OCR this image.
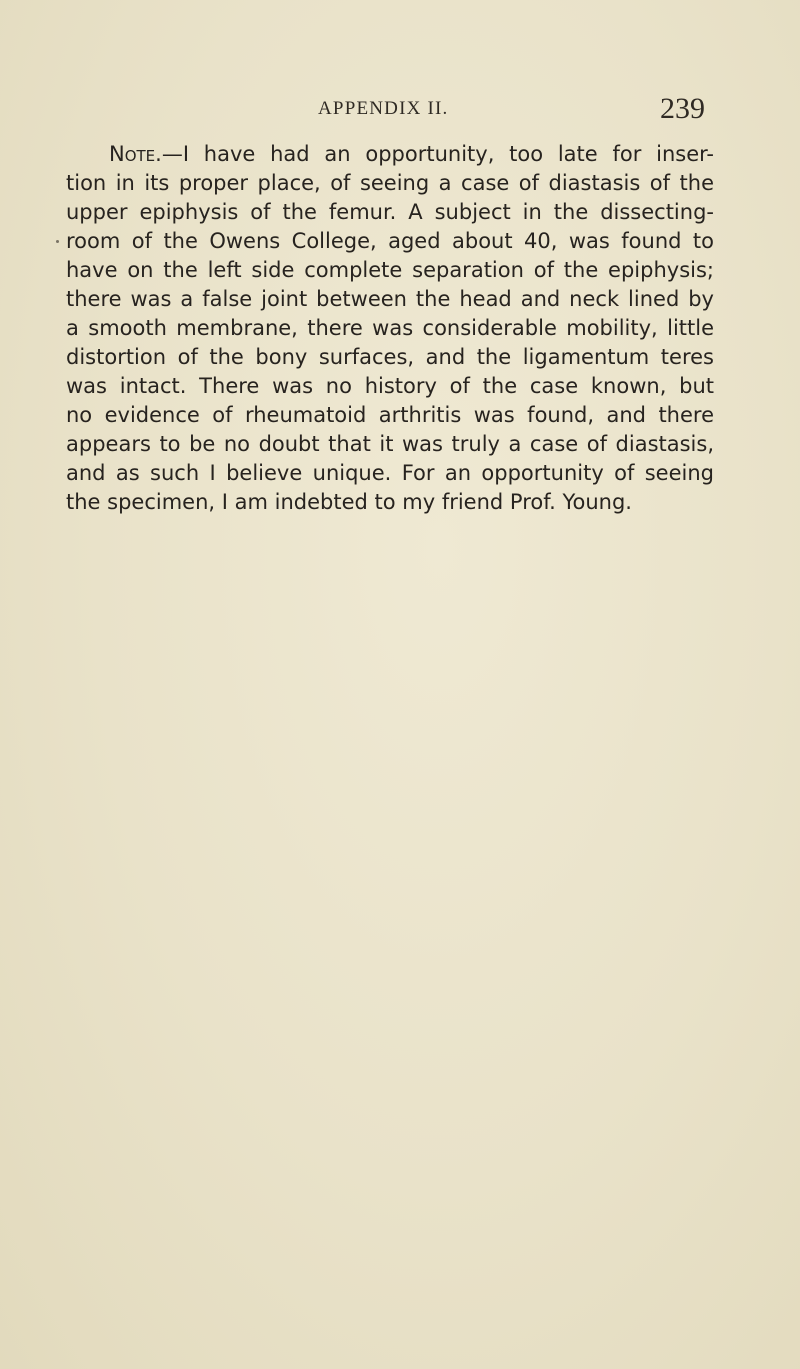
APPENDIX II.	239
Note.—I have had an opportunity, too late for inser-
tion in its proper place, of seeing a case of diastasis of the
upper epiphysis of the femur. A subject in the dissecting-
room of the Owens College, aged about 40, was found to
have on the left side complete separation of the epiphysis;
there was a false joint between the head and neck lined by
a smooth membrane, there was considerable mobility, little
distortion of the bony surfaces, and the ligamentum teres
was intact. There was no history of the case known, but
no evidence of rheumatoid arthritis was found, and there
appears to be no doubt that it was truly a case of diastasis,
and as such I believe unique. For an opportunity of seeing
the specimen, I am indebted to my friend Prof. Young.
